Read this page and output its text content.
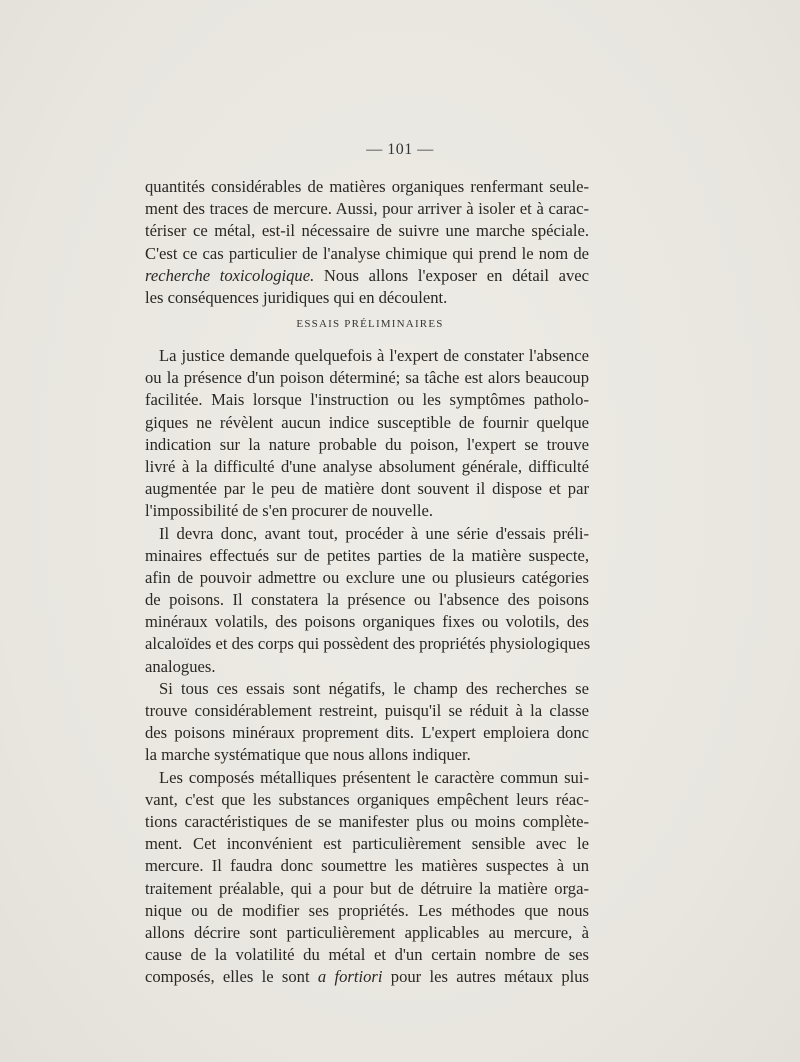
— 101 —
quantités considérables de matières organiques renfermant seule-
ment des traces de mercure. Aussi, pour arriver à isoler et à carac-
tériser ce métal, est-il nécessaire de suivre une marche spéciale.
C'est ce cas particulier de l'analyse chimique qui prend le nom de
recherche toxicologique. Nous allons l'exposer en détail avec
les conséquences juridiques qui en découlent.
ESSAIS PRÉLIMINAIRES
La justice demande quelquefois à l'expert de constater l'absence
ou la présence d'un poison déterminé; sa tâche est alors beaucoup
facilitée. Mais lorsque l'instruction ou les symptômes patholo-
giques ne révèlent aucun indice susceptible de fournir quelque
indication sur la nature probable du poison, l'expert se trouve
livré à la difficulté d'une analyse absolument générale, difficulté
augmentée par le peu de matière dont souvent il dispose et par
l'impossibilité de s'en procurer de nouvelle.
Il devra donc, avant tout, procéder à une série d'essais préli-
minaires effectués sur de petites parties de la matière suspecte,
afin de pouvoir admettre ou exclure une ou plusieurs catégories
de poisons. Il constatera la présence ou l'absence des poisons
minéraux volatils, des poisons organiques fixes ou volotils, des
alcaloïdes et des corps qui possèdent des propriétés physiologiques
analogues.
Si tous ces essais sont négatifs, le champ des recherches se
trouve considérablement restreint, puisqu'il se réduit à la classe
des poisons minéraux proprement dits. L'expert emploiera donc
la marche systématique que nous allons indiquer.
Les composés métalliques présentent le caractère commun sui-
vant, c'est que les substances organiques empêchent leurs réac-
tions caractéristiques de se manifester plus ou moins complète-
ment. Cet inconvénient est particulièrement sensible avec le
mercure. Il faudra donc soumettre les matières suspectes à un
traitement préalable, qui a pour but de détruire la matière orga-
nique ou de modifier ses propriétés. Les méthodes que nous
allons décrire sont particulièrement applicables au mercure, à
cause de la volatilité du métal et d'un certain nombre de ses
composés, elles le sont a fortiori pour les autres métaux plus
